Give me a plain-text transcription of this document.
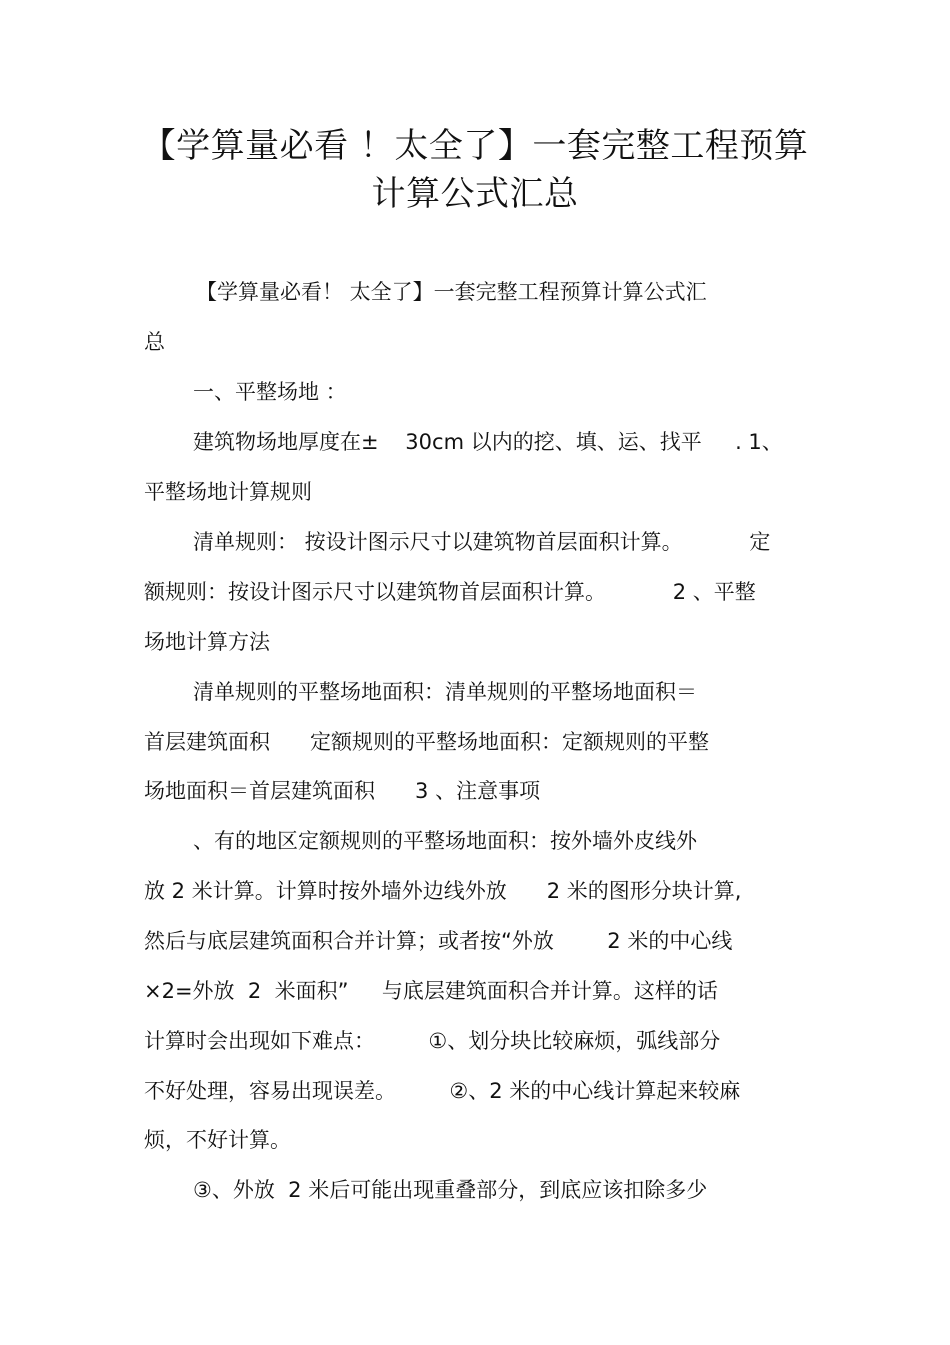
【学算量必看 ！太全了】一套完整工程预算
计算公式汇总
【学算量必看！ 太全了】一套完整工程预算计算公式汇
总
一、平整场地 ：
建筑物场地厚度在±    30cm 以内的挖、填、运、找平     . 1、
平整场地计算规则
清单规则： 按设计图示尺寸以建筑物首层面积计算。          定
额规则：按设计图示尺寸以建筑物首层面积计算。          2 、平整
场地计算方法
清单规则的平整场地面积：清单规则的平整场地面积＝
首层建筑面积      定额规则的平整场地面积：定额规则的平整
场地面积＝首层建筑面积      3 、注意事项
、有的地区定额规则的平整场地面积：按外墙外皮线外
放 2 米计算。计算时按外墙外边线外放      2 米的图形分块计算,
然后与底层建筑面积合并计算；或者按“外放        2 米的中心线
×2=外放  2  米面积”     与底层建筑面积合并计算。这样的话
计算时会出现如下难点：        ①、划分块比较麻烦，弧线部分
不好处理，容易出现误差。        ②、2 米的中心线计算起来较麻
烦，不好计算。
③、外放  2 米后可能出现重叠部分，到底应该扣除多少
